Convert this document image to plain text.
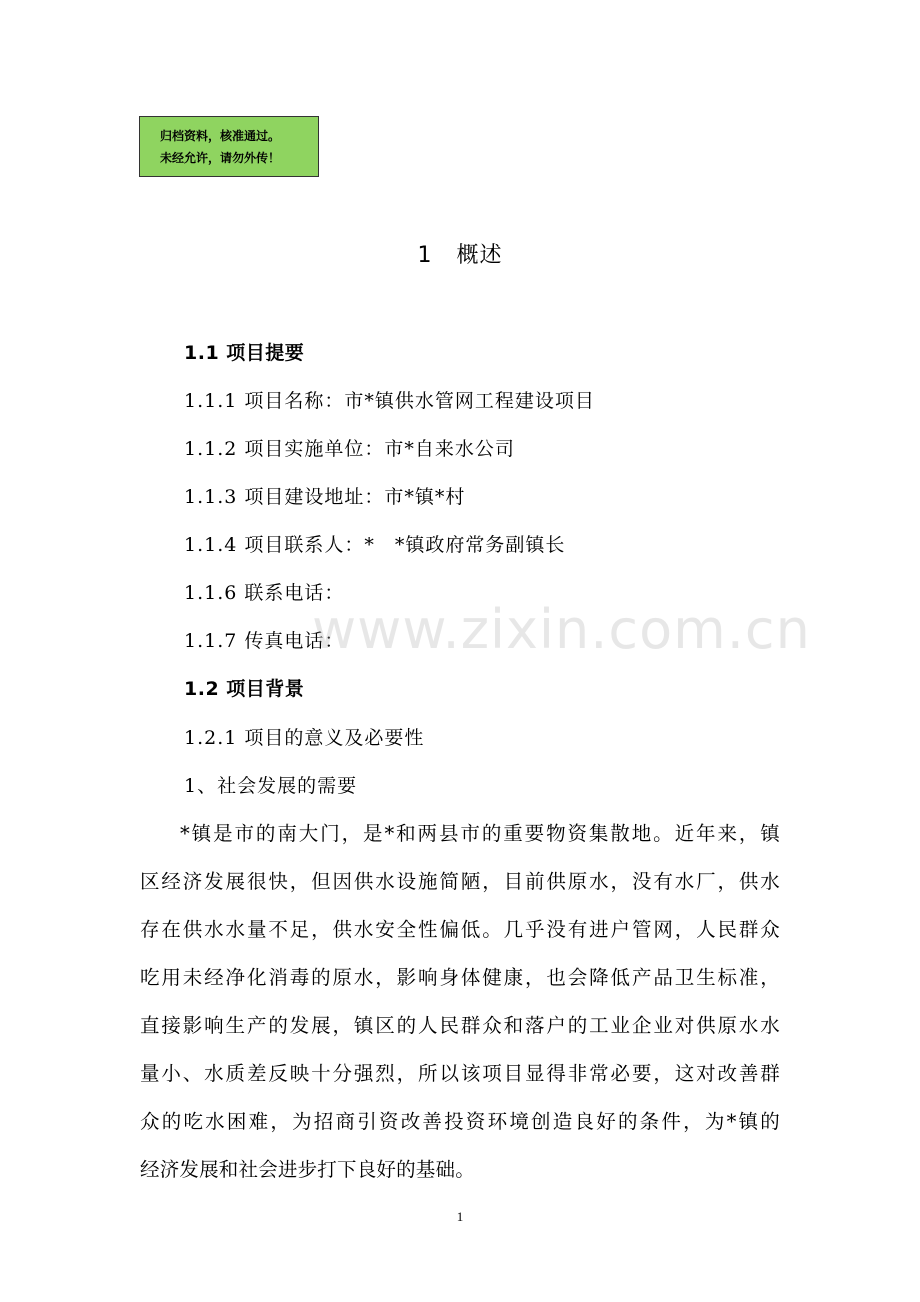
归档资料，核准通过。
未经允许，请勿外传！
1 概述
1.1 项目提要
1.1.1 项目名称：市*镇供水管网工程建设项目
1.1.2 项目实施单位：市*自来水公司
1.1.3 项目建设地址：市*镇*村
1.1.4 项目联系人：* *镇政府常务副镇长
1.1.6 联系电话：
1.1.7 传真电话：
1.2 项目背景
1.2.1 项目的意义及必要性
1、社会发展的需要
*镇是市的南大门，是*和两县市的重要物资集散地。近年来，镇
区经济发展很快，但因供水设施简陋，目前供原水，没有水厂，供水
存在供水水量不足，供水安全性偏低。几乎没有进户管网，人民群众
吃用未经净化消毒的原水，影响身体健康，也会降低产品卫生标准，
直接影响生产的发展，镇区的人民群众和落户的工业企业对供原水水
量小、水质差反映十分强烈，所以该项目显得非常必要，这对改善群
众的吃水困难，为招商引资改善投资环境创造良好的条件，为*镇的
经济发展和社会进步打下良好的基础。
www.zixin.com.cn
1
